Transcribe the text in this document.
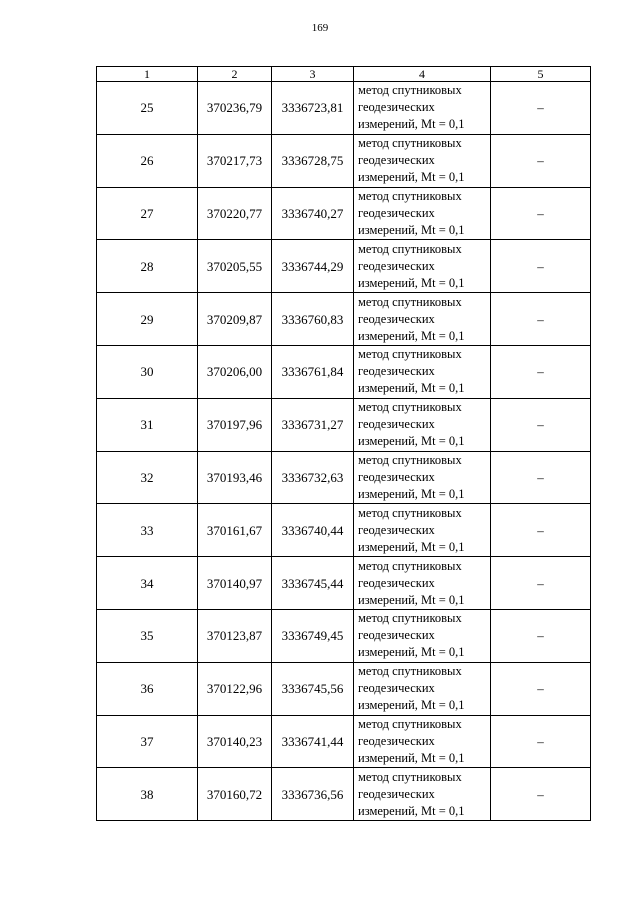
169
1	2	3	4	5
25	370236,79	3336723,81	метод спутниковых
геодезических
измерений, Mt = 0,1	–
26	370217,73	3336728,75	метод спутниковых
геодезических
измерений, Mt = 0,1	–
27	370220,77	3336740,27	метод спутниковых
геодезических
измерений, Mt = 0,1	–
28	370205,55	3336744,29	метод спутниковых
геодезических
измерений, Mt = 0,1	–
29	370209,87	3336760,83	метод спутниковых
геодезических
измерений, Mt = 0,1	–
30	370206,00	3336761,84	метод спутниковых
геодезических
измерений, Mt = 0,1	–
31	370197,96	3336731,27	метод спутниковых
геодезических
измерений, Mt = 0,1	–
32	370193,46	3336732,63	метод спутниковых
геодезических
измерений, Mt = 0,1	–
33	370161,67	3336740,44	метод спутниковых
геодезических
измерений, Mt = 0,1	–
34	370140,97	3336745,44	метод спутниковых
геодезических
измерений, Mt = 0,1	–
35	370123,87	3336749,45	метод спутниковых
геодезических
измерений, Mt = 0,1	–
36	370122,96	3336745,56	метод спутниковых
геодезических
измерений, Mt = 0,1	–
37	370140,23	3336741,44	метод спутниковых
геодезических
измерений, Mt = 0,1	–
38	370160,72	3336736,56	метод спутниковых
геодезических
измерений, Mt = 0,1	–
